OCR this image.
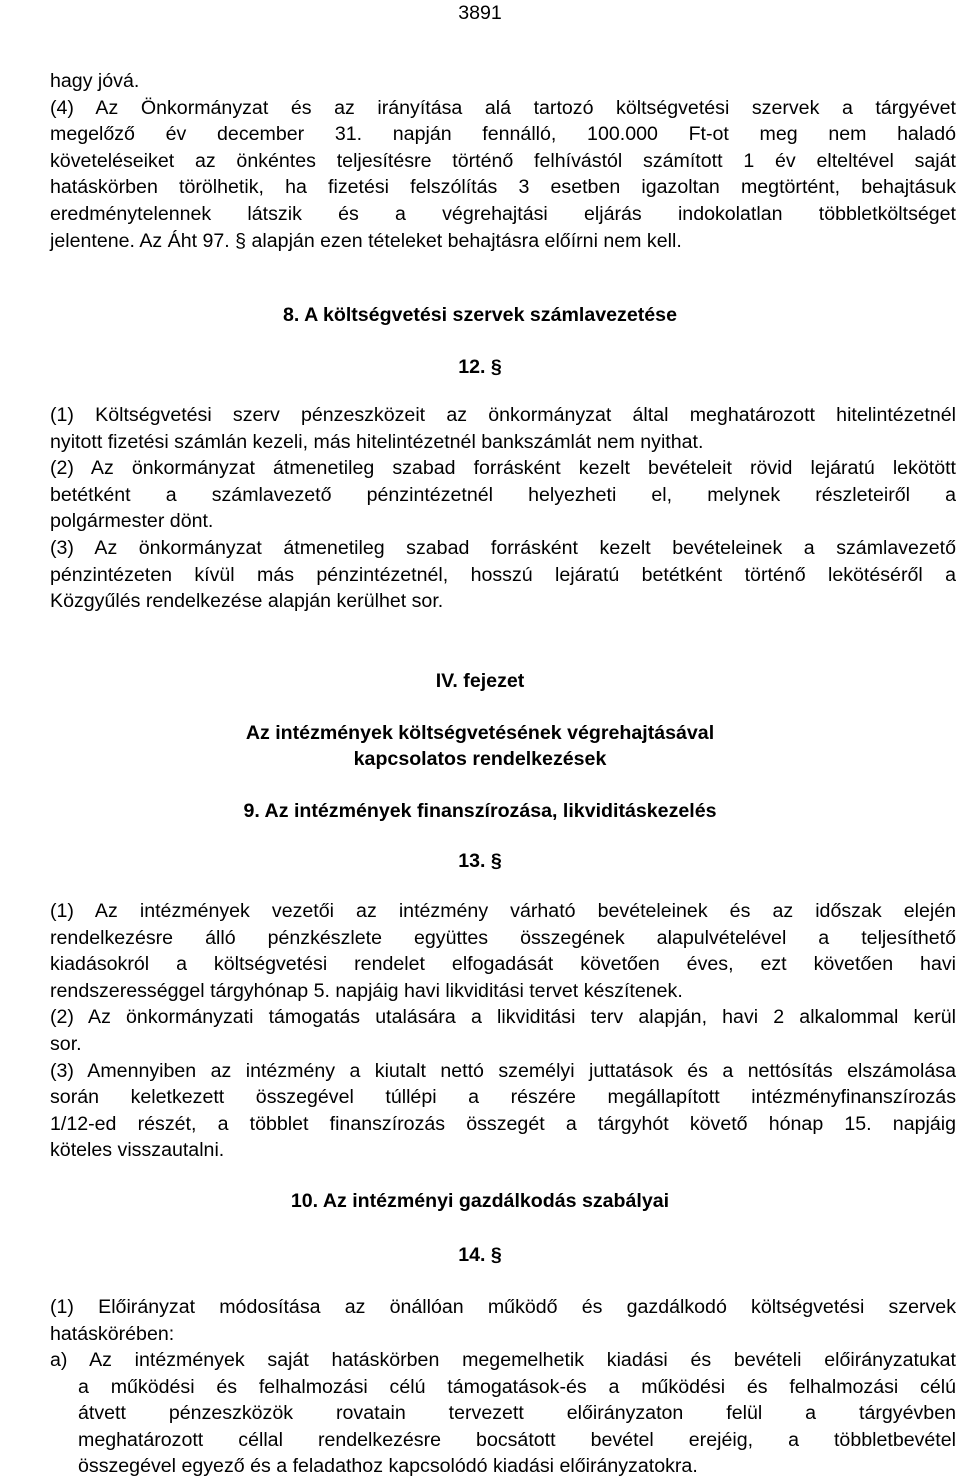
3891
hagy jóvá.
(4) Az Önkormányzat és az irányítása alá tartozó költségvetési szervek a tárgyévet
megelőző év december 31. napján fennálló, 100.000 Ft-ot meg nem haladó
követeléseiket az önkéntes teljesítésre történő felhívástól számított 1 év elteltével saját
hatáskörben törölhetik, ha fizetési felszólítás 3 esetben igazoltan megtörtént, behajtásuk
eredménytelennek látszik és a végrehajtási eljárás indokolatlan többletköltséget
jelentene. Az Áht 97. § alapján ezen tételeket behajtásra előírni nem kell.
8. A költségvetési szervek számlavezetése
12. §
(1) Költségvetési szerv pénzeszközeit az önkormányzat által meghatározott hitelintézetnél
nyitott fizetési számlán kezeli, más hitelintézetnél bankszámlát nem nyithat.
(2) Az önkormányzat átmenetileg szabad forrásként kezelt bevételeit rövid lejáratú lekötött
betétként a számlavezető pénzintézetnél helyezheti el, melynek részleteiről a
polgármester dönt.
(3) Az önkormányzat átmenetileg szabad forrásként kezelt bevételeinek a számlavezető
pénzintézeten kívül más pénzintézetnél, hosszú lejáratú betétként történő lekötéséről a
Közgyűlés rendelkezése alapján kerülhet sor.
IV. fejezet
Az intézmények költségvetésének végrehajtásával
kapcsolatos rendelkezések
9. Az intézmények finanszírozása, likviditáskezelés
13. §
(1) Az intézmények vezetői az intézmény várható bevételeinek és az időszak elején
rendelkezésre álló pénzkészlete együttes összegének alapulvételével a teljesíthető
kiadásokról a költségvetési rendelet elfogadását követően éves, ezt követően havi
rendszerességgel tárgyhónap 5. napjáig havi likviditási tervet készítenek.
(2) Az önkormányzati támogatás utalására a likviditási terv alapján, havi 2 alkalommal kerül
sor.
(3) Amennyiben az intézmény a kiutalt nettó személyi juttatások és a nettósítás elszámolása
során keletkezett összegével túllépi a részére megállapított intézményfinanszírozás
1/12-ed részét, a többlet finanszírozás összegét a tárgyhót követő hónap 15. napjáig
köteles visszautalni.
10. Az intézményi gazdálkodás szabályai
14. §
(1) Előirányzat módosítása az önállóan működő és gazdálkodó költségvetési szervek
hatáskörében:
a) Az intézmények saját hatáskörben megemelhetik kiadási és bevételi előirányzatukat
a működési és felhalmozási célú támogatások-és a működési és felhalmozási célú
átvett pénzeszközök rovatain tervezett előirányzaton felül a tárgyévben
meghatározott céllal rendelkezésre bocsátott bevétel erejéig, a többletbevétel
összegével egyező és a feladathoz kapcsolódó kiadási előirányzatokra.
